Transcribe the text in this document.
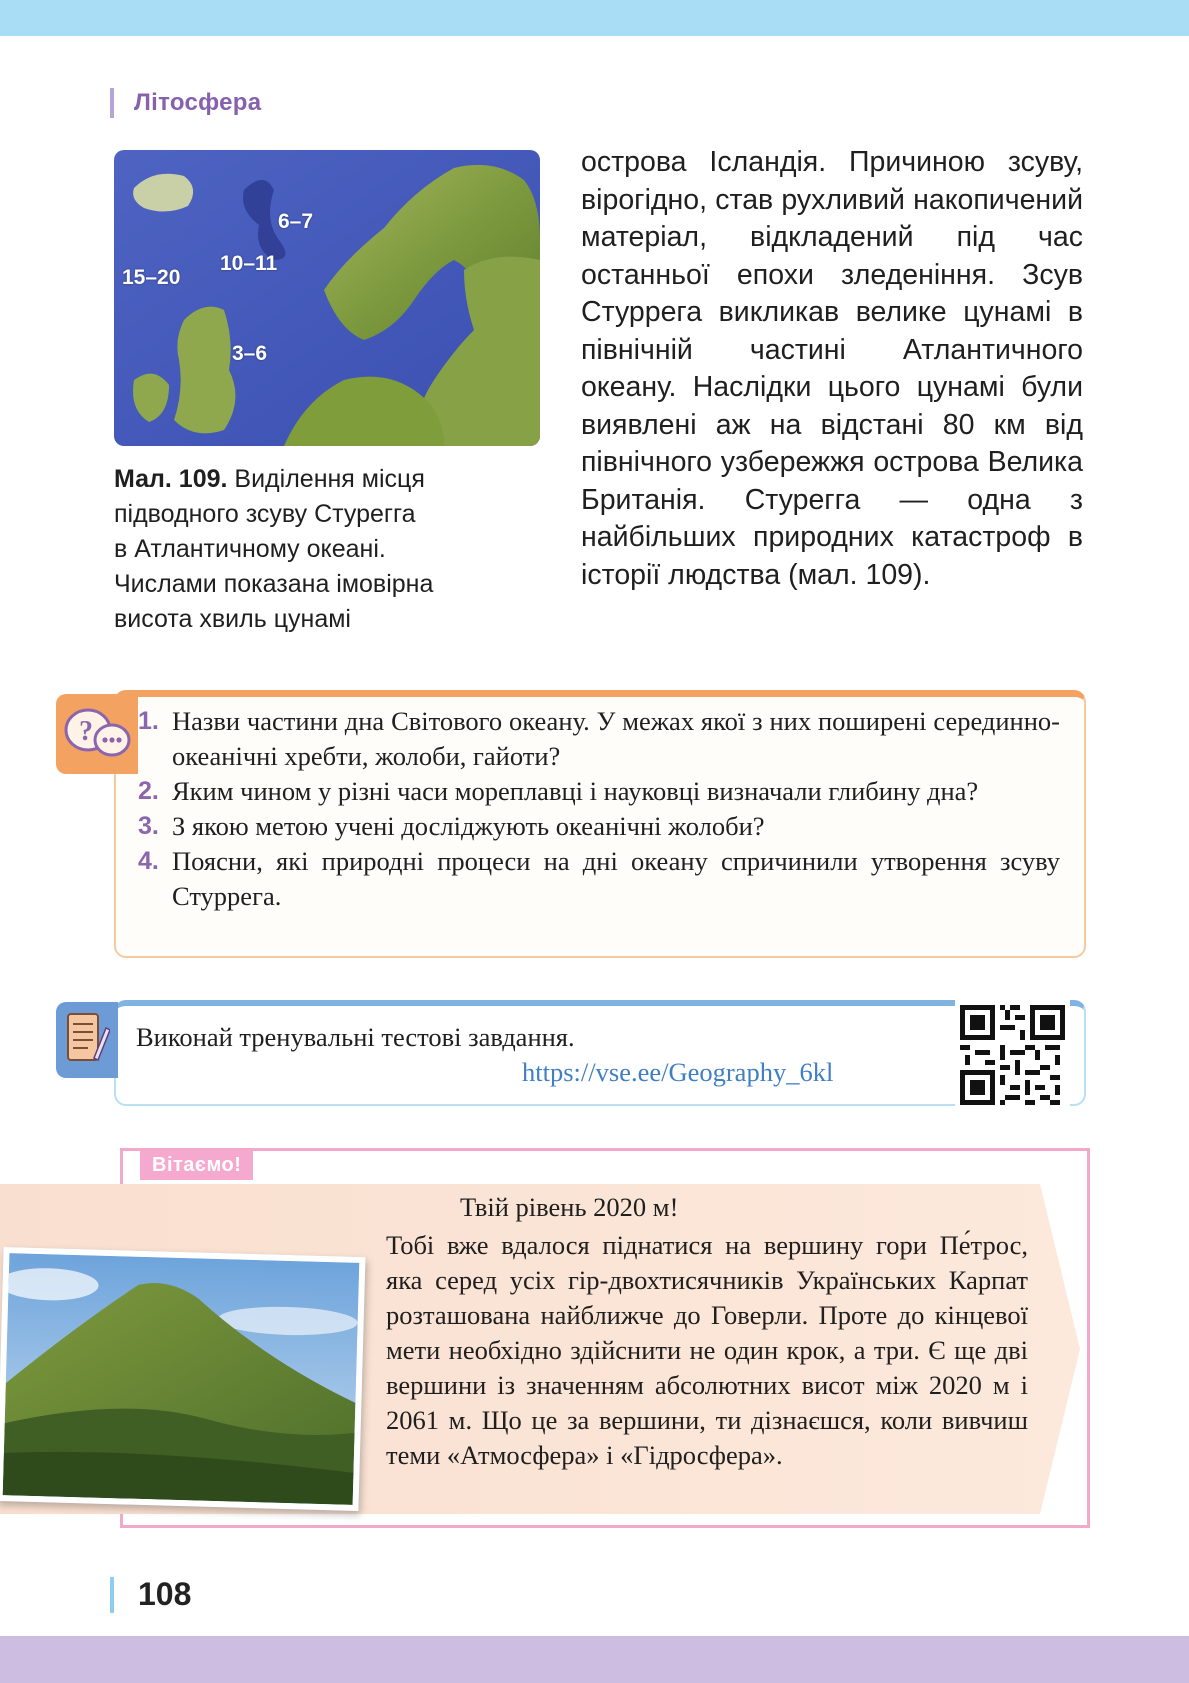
Літосфера
6–7
10–11
15–20
3–6
Мал. 109. Виділення місця
підводного зсуву Стурегга
в Атлантичному океані.
Числами показана імовірна
висота хвиль цунамі
острова Ісландія. Причиною зсуву, вірогідно, став рухливий накопичений матеріал, відкладений під час останньої епохи зледеніння. Зсув Стуррега викликав велике цунамі в північній частині Атлантичного океану. Наслідки цього цунамі були виявлені аж на відстані 80 км від північного узбережжя острова Велика Британія. Стурегга — одна з найбільших природних катастроф в історії людства (мал. 109).
? 1. Назви частини дна Світового океану. У межах якої з них поширені серединно-океанічні хребти, жолоби, гайоти?
2. Яким чином у різні часи мореплавці і науковці визначали глибину дна?
3. З якою метою учені досліджують океанічні жолоби?
4. Поясни, які природні процеси на дні океану спричинили утворення зсуву Стуррега.
Виконай тренувальні тестові завдання.
https://vse.ee/Geography_6kl
Вітаємо!
Твій рівень 2020 м!
Тобі вже вдалося піднатися на вершину гори Пе́трос, яка серед усіх гір-двохтисячників Українських Карпат розташована найближче до Говерли. Проте до кінцевої мети необхідно здійснити не один крок, а три. Є ще дві вершини із значенням абсолютних висот між 2020 м і 2061 м. Що це за вершини, ти дізнаєшся, коли вивчиш теми «Атмосфера» і «Гідросфера».
108
